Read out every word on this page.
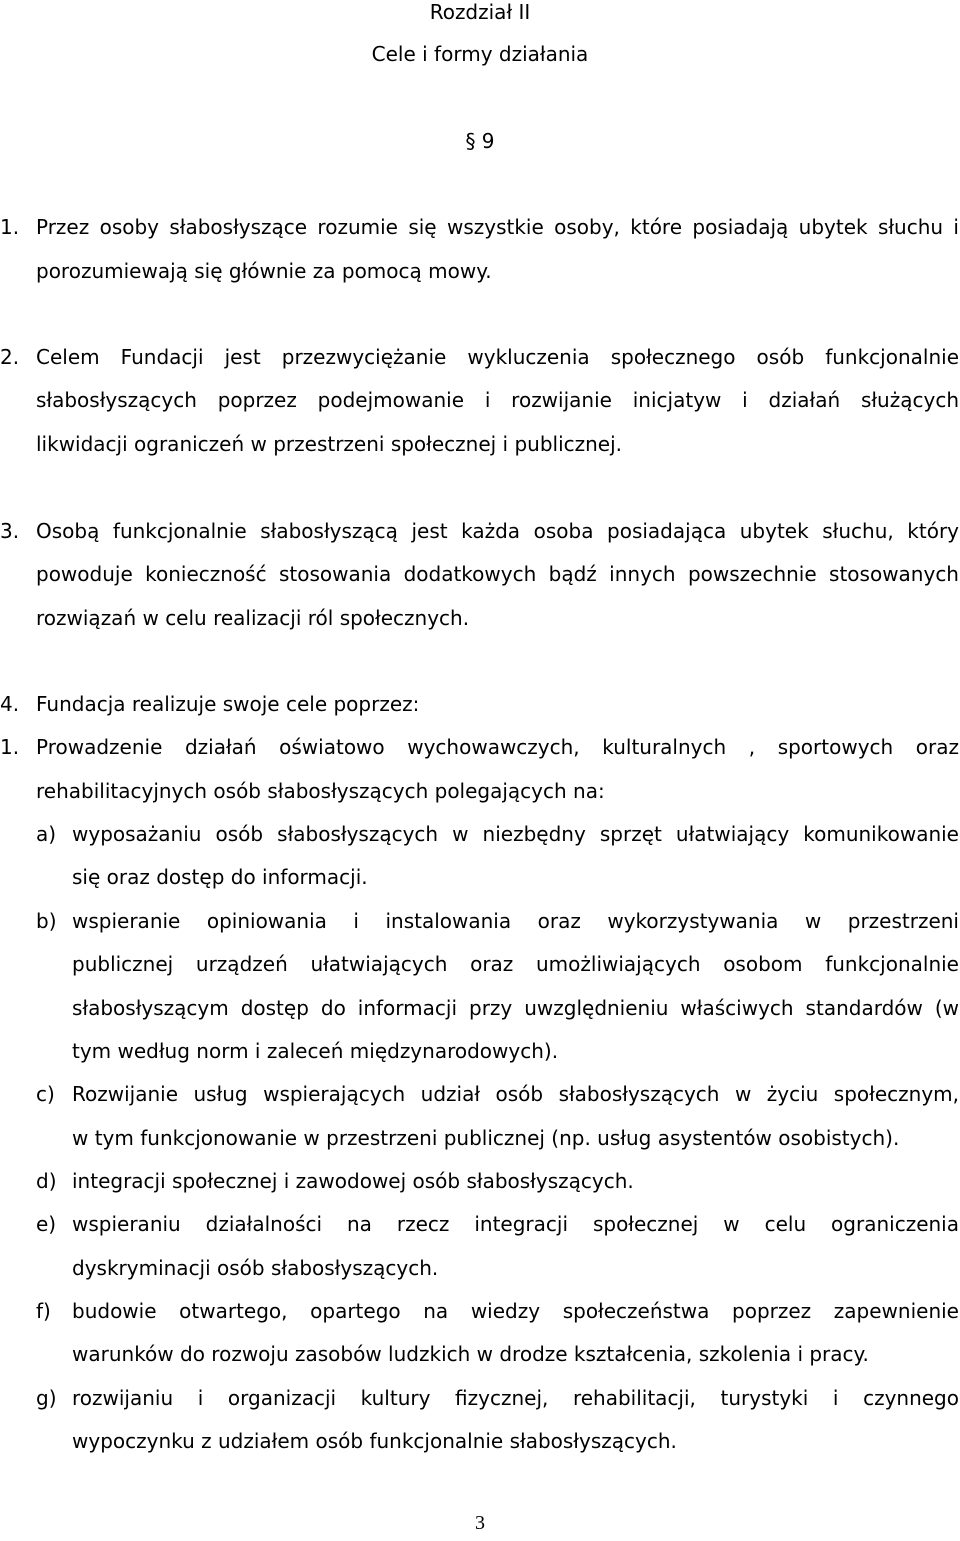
Rozdział II
Cele i formy działania
§ 9
1. Przez osoby słabosłyszące rozumie się wszystkie osoby, które posiadają ubytek słuchu i
porozumiewają się głównie za pomocą mowy.
2. Celem Fundacji jest przezwyciężanie wykluczenia społecznego osób funkcjonalnie
słabosłyszących poprzez podejmowanie i rozwijanie inicjatyw i działań służących
likwidacji ograniczeń w przestrzeni społecznej i publicznej.
3. Osobą funkcjonalnie słabosłyszącą jest każda osoba posiadająca ubytek słuchu, który
powoduje konieczność stosowania dodatkowych bądź innych powszechnie stosowanych
rozwiązań w celu realizacji ról społecznych.
4. Fundacja realizuje swoje cele poprzez:
1. Prowadzenie działań oświatowo wychowawczych, kulturalnych , sportowych oraz
rehabilitacyjnych osób słabosłyszących polegających na:
a) wyposażaniu osób słabosłyszących w niezbędny sprzęt ułatwiający komunikowanie
się oraz dostęp do informacji.
b) wspieranie opiniowania i instalowania oraz wykorzystywania w przestrzeni
publicznej urządzeń ułatwiających oraz umożliwiających osobom funkcjonalnie
słabosłyszącym dostęp do informacji przy uwzględnieniu właściwych standardów (w
tym według norm i zaleceń międzynarodowych).
c) Rozwijanie usług wspierających udział osób słabosłyszących w życiu społecznym,
w tym funkcjonowanie w przestrzeni publicznej (np. usług asystentów osobistych).
d) integracji społecznej i zawodowej osób słabosłyszących.
e) wspieraniu działalności na rzecz integracji społecznej w celu ograniczenia
dyskryminacji osób słabosłyszących.
f) budowie otwartego, opartego na wiedzy społeczeństwa poprzez zapewnienie
warunków do rozwoju zasobów ludzkich w drodze kształcenia, szkolenia i pracy.
g) rozwijaniu i organizacji kultury fizycznej, rehabilitacji, turystyki i czynnego
wypoczynku z udziałem osób funkcjonalnie słabosłyszących.
3
